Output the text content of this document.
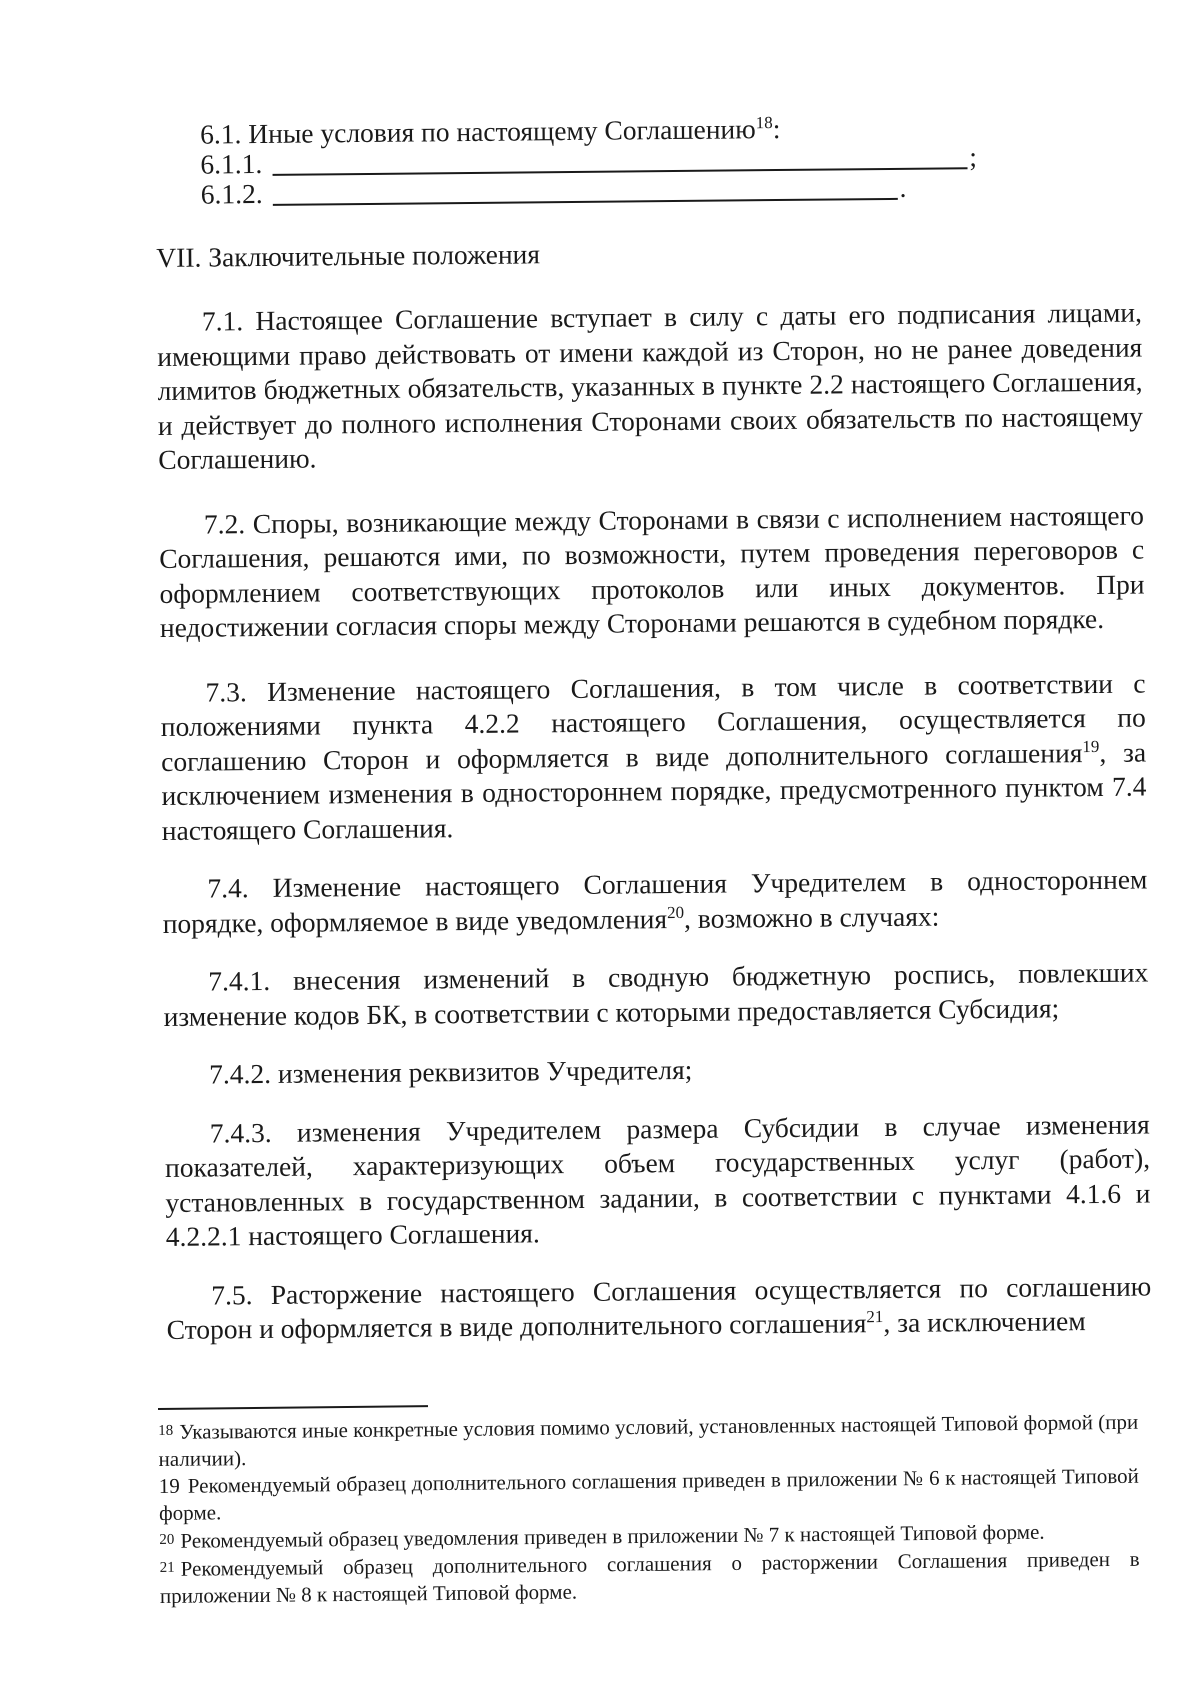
6.1. Иные условия по настоящему Соглашению$^{18}$:

6.1.1.	;
6.1.2.	.

VII. Заключительные положения

7.1. Настоящее Соглашение вступает в силу с даты его подписания лицами, имеющими право действовать от имени каждой из Сторон, но не ранее доведения лимитов бюджетных обязательств, указанных в пункте 2.2 настоящего Соглашения, и действует до полного исполнения Сторонами своих обязательств по настоящему Соглашению.

7.2. Споры, возникающие между Сторонами в связи с исполнением настоящего Соглашения, решаются ими, по возможности, путем проведения переговоров с оформлением соответствующих протоколов или иных документов. При недостижении согласия споры между Сторонами решаются в судебном порядке.

7.3. Изменение настоящего Соглашения, в том числе в соответствии с положениями пункта 4.2.2 настоящего Соглашения, осуществляется по соглашению Сторон и оформляется в виде дополнительного соглашения$^{19}$, за исключением изменения в одностороннем порядке, предусмотренного пунктом 7.4 настоящего Соглашения.

7.4. Изменение настоящего Соглашения Учредителем в одностороннем порядке, оформляемое в виде уведомления$^{20}$, возможно в случаях:

7.4.1. внесения изменений в сводную бюджетную роспись, повлекших изменение кодов БК, в соответствии с которыми предоставляется Субсидия;

7.4.2. изменения реквизитов Учредителя;

7.4.3. изменения Учредителем размера Субсидии в случае изменения показателей, характеризующих объем государственных услуг (работ), установленных в государственном задании, в соответствии с пунктами 4.1.6 и 4.2.2.1 настоящего Соглашения.

7.5. Расторжение настоящего Соглашения осуществляется по соглашению Сторон и оформляется в виде дополнительного соглашения$^{21}$, за исключением

18 Указываются иные конкретные условия помимо условий, установленных настоящей Типовой формой (при наличии).

19 Рекомендуемый образец дополнительного соглашения приведен в приложении № 6 к настоящей Типовой форме.

20 Рекомендуемый образец уведомления приведен в приложении № 7 к настоящей Типовой форме.

21 Рекомендуемый образец дополнительного соглашения о расторжении Соглашения приведен в приложении № 8 к настоящей Типовой форме.
